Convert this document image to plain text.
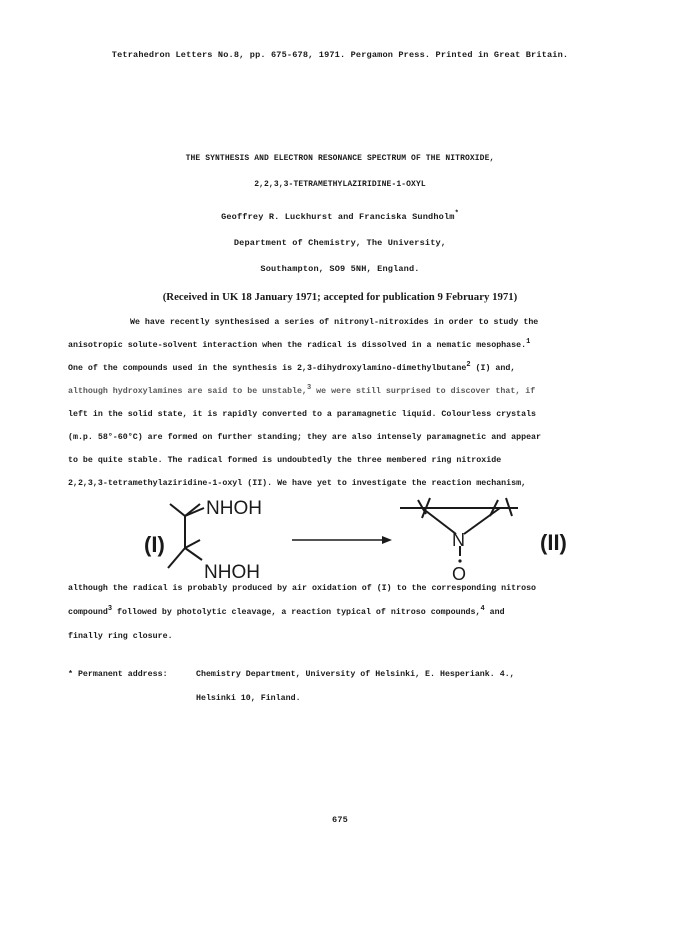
Tetrahedron Letters No.8, pp. 675-678, 1971. Pergamon Press. Printed in Great Britain.
THE SYNTHESIS AND ELECTRON RESONANCE SPECTRUM OF THE NITROXIDE,
2,2,3,3-TETRAMETHYLAZIRIDINE-1-OXYL
Geoffrey R. Luckhurst and Franciska Sundholm*
Department of Chemistry, The University,
Southampton, SO9 5NH, England.
(Received in UK 18 January 1971; accepted for publication 9 February 1971)
We have recently synthesised a series of nitronyl-nitroxides in order to study the
anisotropic solute-solvent interaction when the radical is dissolved in a nematic mesophase.$^1$
One of the compounds used in the synthesis is 2,3-dihydroxylamino-dimethylbutane$^2$ (I) and,
although hydroxylamines are said to be unstable,$^3$ we were still surprised to discover that, if
left in the solid state, it is rapidly converted to a paramagnetic liquid. Colourless crystals
(m.p. 58°-60°C) are formed on further standing; they are also intensely paramagnetic and appear
to be quite stable. The radical formed is undoubtedly the three membered ring nitroxide
2,2,3,3-tetramethylaziridine-1-oxyl (II). We have yet to investigate the reaction mechanism,
(I)
NHOH
NHOH
N
O
(II)
although the radical is probably produced by air oxidation of (I) to the corresponding nitroso
compound$^3$ followed by photolytic cleavage, a reaction typical of nitroso compounds,$^4$ and
finally ring closure.
* Permanent address:	Chemistry Department, University of Helsinki, E. Hesperiank. 4.,
Helsinki 10, Finland.
675
